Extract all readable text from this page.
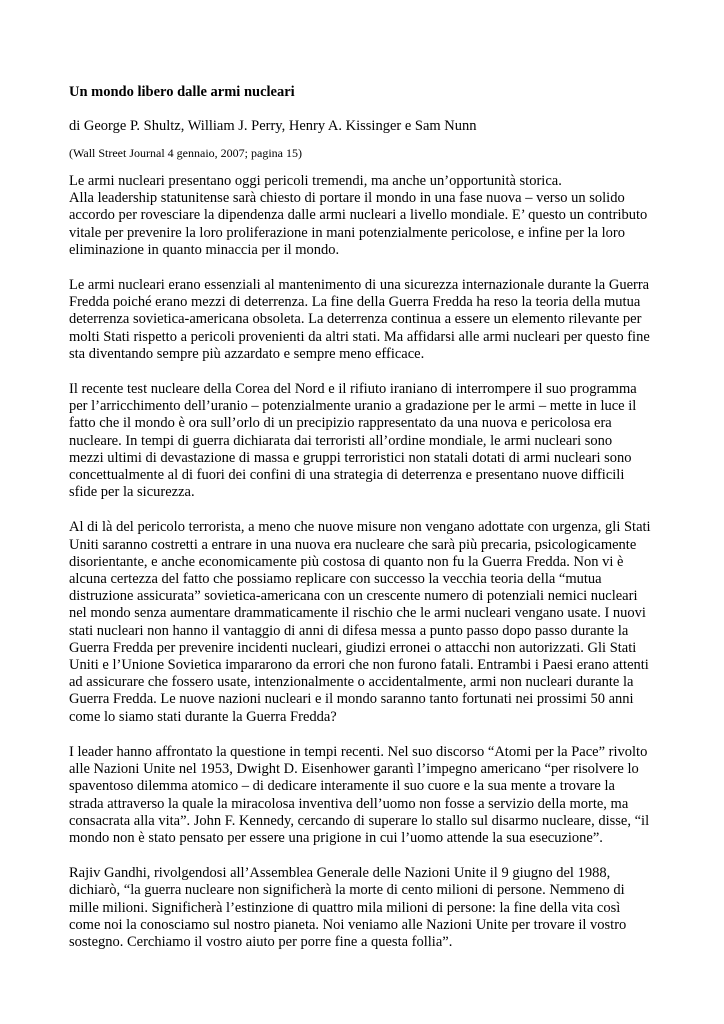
Un mondo libero dalle armi nucleari

di George P. Shultz, William J. Perry, Henry A. Kissinger e Sam Nunn

(Wall Street Journal 4 gennaio, 2007; pagina 15)

Le armi nucleari presentano oggi pericoli tremendi, ma anche un’opportunità storica.
Alla leadership statunitense sarà chiesto di portare il mondo in una fase nuova – verso un solido
accordo per rovesciare la dipendenza dalle armi nucleari a livello mondiale. E’ questo un contributo
vitale per prevenire la loro proliferazione in mani potenzialmente pericolose, e infine per la loro
eliminazione in quanto minaccia per il mondo.

Le armi nucleari erano essenziali al mantenimento di una sicurezza internazionale durante la Guerra
Fredda poiché erano mezzi di deterrenza. La fine della Guerra Fredda ha reso la teoria della mutua
deterrenza sovietica-americana obsoleta. La deterrenza continua a essere un elemento rilevante per
molti Stati rispetto a pericoli provenienti da altri stati. Ma affidarsi alle armi nucleari per questo fine
sta diventando sempre più azzardato e sempre meno efficace.

Il recente test nucleare della Corea del Nord e il rifiuto iraniano di interrompere il suo programma
per l’arricchimento dell’uranio – potenzialmente uranio a gradazione per le armi – mette in luce il
fatto che il mondo è ora sull’orlo di un precipizio rappresentato da una nuova e pericolosa era
nucleare. In tempi di guerra dichiarata dai terroristi all’ordine mondiale, le armi nucleari sono
mezzi ultimi di devastazione di massa e gruppi terroristici non statali dotati di armi nucleari sono
concettualmente al di fuori dei confini di una strategia di deterrenza e presentano nuove difficili
sfide per la sicurezza.

Al di là del pericolo terrorista, a meno che nuove misure non vengano adottate con urgenza, gli Stati
Uniti saranno costretti a entrare in una nuova era nucleare che sarà più precaria, psicologicamente
disorientante, e anche economicamente più costosa di quanto non fu la Guerra Fredda. Non vi è
alcuna certezza del fatto che possiamo replicare con successo la vecchia teoria della “mutua
distruzione assicurata” sovietica-americana con un crescente numero di potenziali nemici nucleari
nel mondo senza aumentare drammaticamente il rischio che le armi nucleari vengano usate. I nuovi
stati nucleari non hanno il vantaggio di anni di difesa messa a punto passo dopo passo durante la
Guerra Fredda per prevenire incidenti nucleari, giudizi erronei o attacchi non autorizzati. Gli Stati
Uniti e l’Unione Sovietica impararono da errori che non furono fatali. Entrambi i Paesi erano attenti
ad assicurare che fossero usate, intenzionalmente o accidentalmente, armi non nucleari durante la
Guerra Fredda. Le nuove nazioni nucleari e il mondo saranno tanto fortunati nei prossimi 50 anni
come lo siamo stati durante la Guerra Fredda?

I leader hanno affrontato la questione in tempi recenti. Nel suo discorso “Atomi per la Pace” rivolto
alle Nazioni Unite nel 1953, Dwight D. Eisenhower garantì l’impegno americano “per risolvere lo
spaventoso dilemma atomico – di dedicare interamente il suo cuore e la sua mente a trovare la
strada attraverso la quale la miracolosa inventiva dell’uomo non fosse a servizio della morte, ma
consacrata alla vita”. John F. Kennedy, cercando di superare lo stallo sul disarmo nucleare, disse, “il
mondo non è stato pensato per essere una prigione in cui l’uomo attende la sua esecuzione”.

Rajiv Gandhi, rivolgendosi all’Assemblea Generale delle Nazioni Unite il 9 giugno del 1988,
dichiarò, “la guerra nucleare non significherà la morte di cento milioni di persone. Nemmeno di
mille milioni. Significherà l’estinzione di quattro mila milioni di persone: la fine della vita così
come noi la conosciamo sul nostro pianeta. Noi veniamo alle Nazioni Unite per trovare il vostro
sostegno. Cerchiamo il vostro aiuto per porre fine a questa follia”.
